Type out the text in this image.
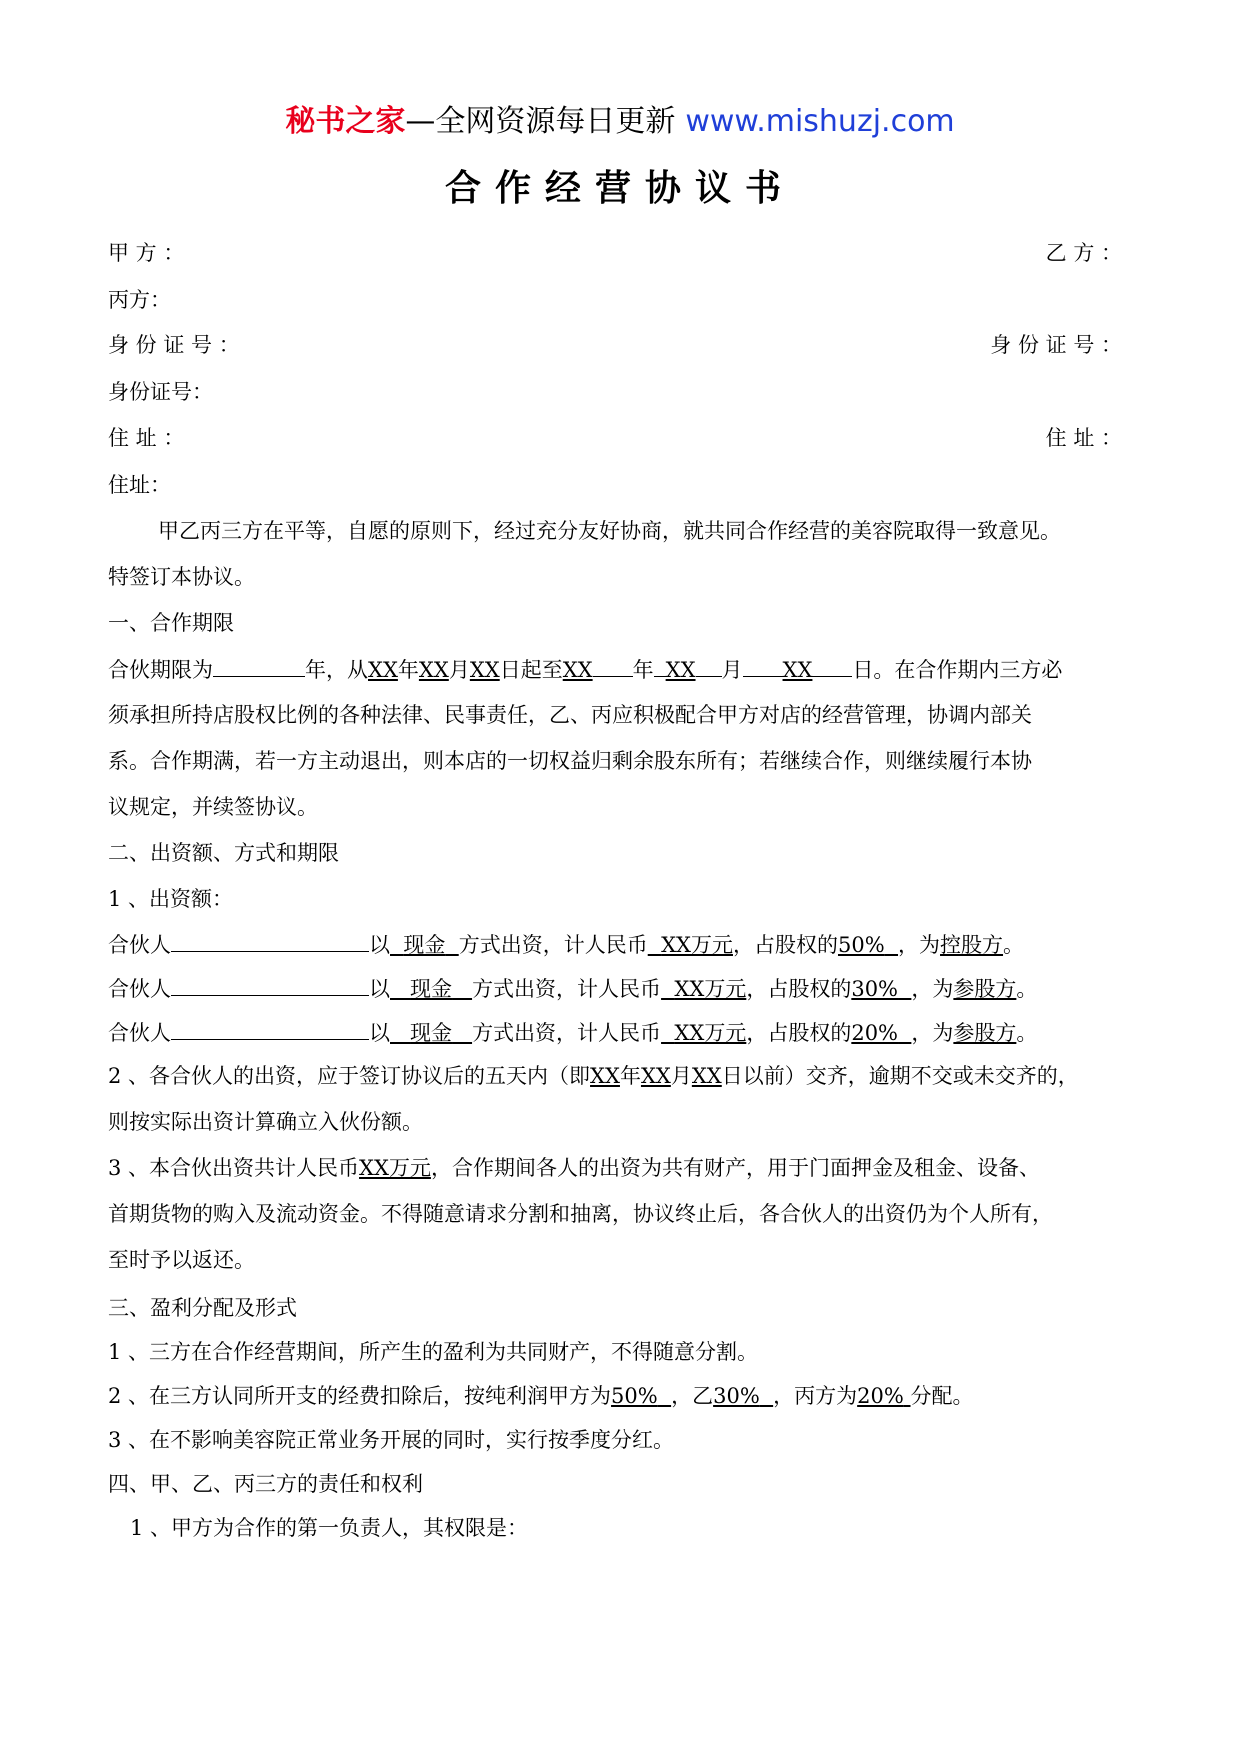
秘书之家—全网资源每日更新 www.mishuzj.com
合作经营协议书
甲 方 ：	乙 方 ：
丙方：
身 份 证 号 ：	身 份 证 号 ：
身份证号：
住 址 ：	住 址 ：
住址：
甲乙丙三方在平等，自愿的原则下，经过充分友好协商，就共同合作经营的美容院取得一致意见。
特签订本协议。
一、合作期限
合伙期限为	年，从XX年XX月XX日起至XX 年 XX 月 XX 日。在合作期内三方必
须承担所持店股权比例的各种法律、民事责任，乙、丙应积极配合甲方对店的经营管理，协调内部关
系。合作期满，若一方主动退出，则本店的一切权益归剩余股东所有；若继续合作，则继续履行本协
议规定，并续签协议。
二、出资额、方式和期限
1 、出资额：
合伙人	以 现金 方式出资，计人民币 XX万元，占股权的50% ，为控股方。
合伙人	以 现金 方式出资，计人民币 XX万元，占股权的30% ，为参股方。
合伙人	以 现金 方式出资，计人民币 XX万元，占股权的20% ，为参股方。
2 、各合伙人的出资，应于签订协议后的五天内（即XX年XX月XX日以前）交齐，逾期不交或未交齐的，
则按实际出资计算确立入伙份额。
3 、本合伙出资共计人民币XX万元，合作期间各人的出资为共有财产，用于门面押金及租金、设备、
首期货物的购入及流动资金。不得随意请求分割和抽离，协议终止后，各合伙人的出资仍为个人所有，
至时予以返还。
三、盈利分配及形式
1 、三方在合作经营期间，所产生的盈利为共同财产，不得随意分割。
2 、在三方认同所开支的经费扣除后，按纯利润甲方为50% ，乙30% ，丙方为20% 分配。
3 、在不影响美容院正常业务开展的同时，实行按季度分红。
四、甲、乙、丙三方的责任和权利
1 、甲方为合作的第一负责人，其权限是：
